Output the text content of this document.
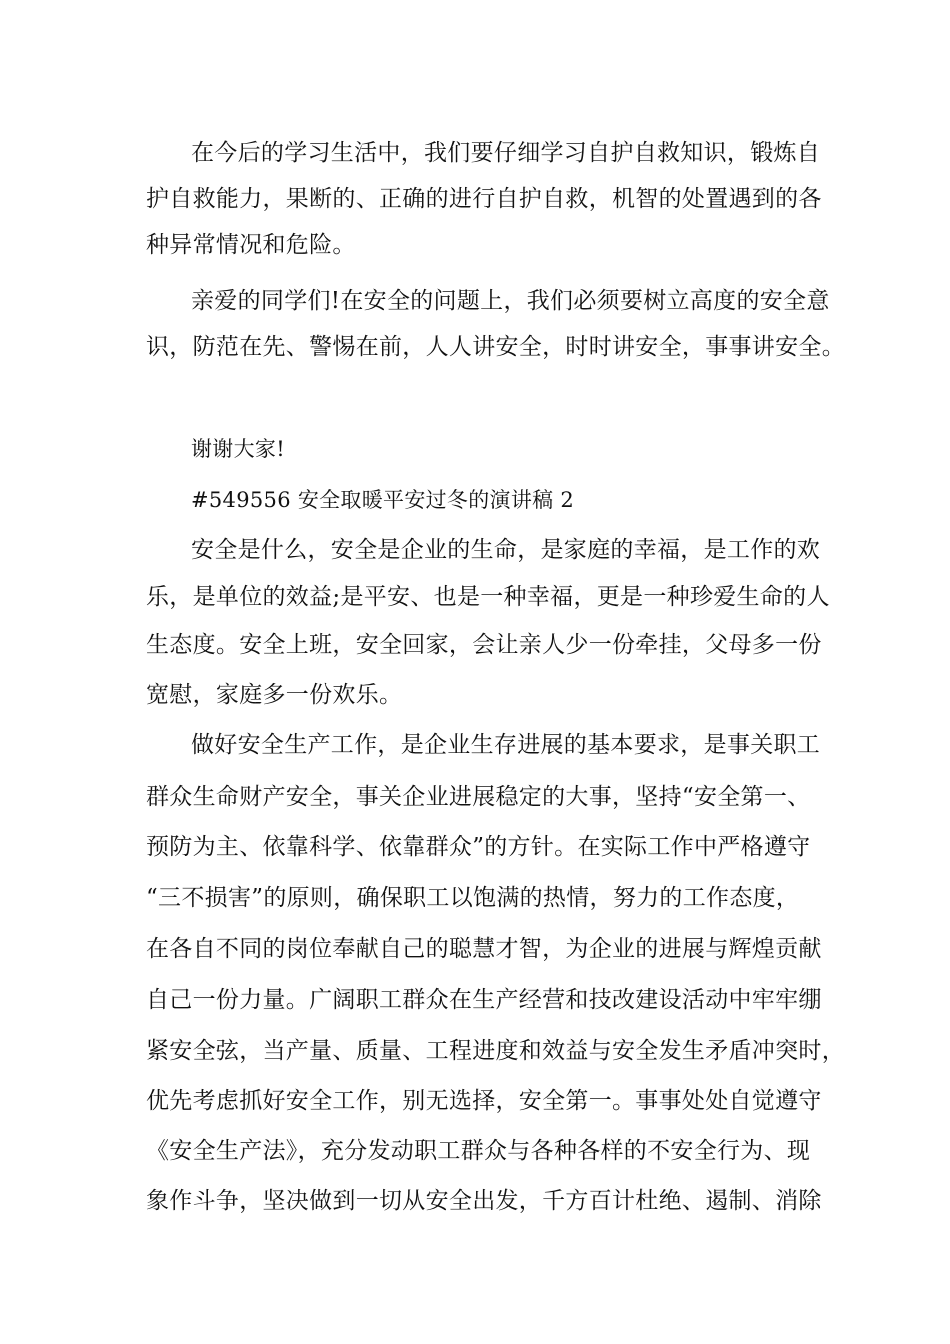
在今后的学习生活中，我们要仔细学习自护自救知识，锻炼自
护自救能力，果断的、正确的进行自护自救，机智的处置遇到的各
种异常情况和危险。
亲爱的同学们!在安全的问题上，我们必须要树立高度的安全意
识，防范在先、警惕在前，人人讲安全，时时讲安全，事事讲安全。
谢谢大家!
#549556 安全取暖平安过冬的演讲稿 2
安全是什么，安全是企业的生命，是家庭的幸福，是工作的欢
乐，是单位的效益;是平安、也是一种幸福，更是一种珍爱生命的人
生态度。安全上班，安全回家，会让亲人少一份牵挂，父母多一份
宽慰，家庭多一份欢乐。
做好安全生产工作，是企业生存进展的基本要求，是事关职工
群众生命财产安全，事关企业进展稳定的大事，坚持“安全第一、
预防为主、依靠科学、依靠群众”的方针。在实际工作中严格遵守
“三不损害”的原则，确保职工以饱满的热情，努力的工作态度，
在各自不同的岗位奉献自己的聪慧才智，为企业的进展与辉煌贡献
自己一份力量。广阔职工群众在生产经营和技改建设活动中牢牢绷
紧安全弦，当产量、质量、工程进度和效益与安全发生矛盾冲突时，
优先考虑抓好安全工作，别无选择，安全第一。事事处处自觉遵守
《安全生产法》，充分发动职工群众与各种各样的不安全行为、现
象作斗争，坚决做到一切从安全出发，千方百计杜绝、遏制、消除
